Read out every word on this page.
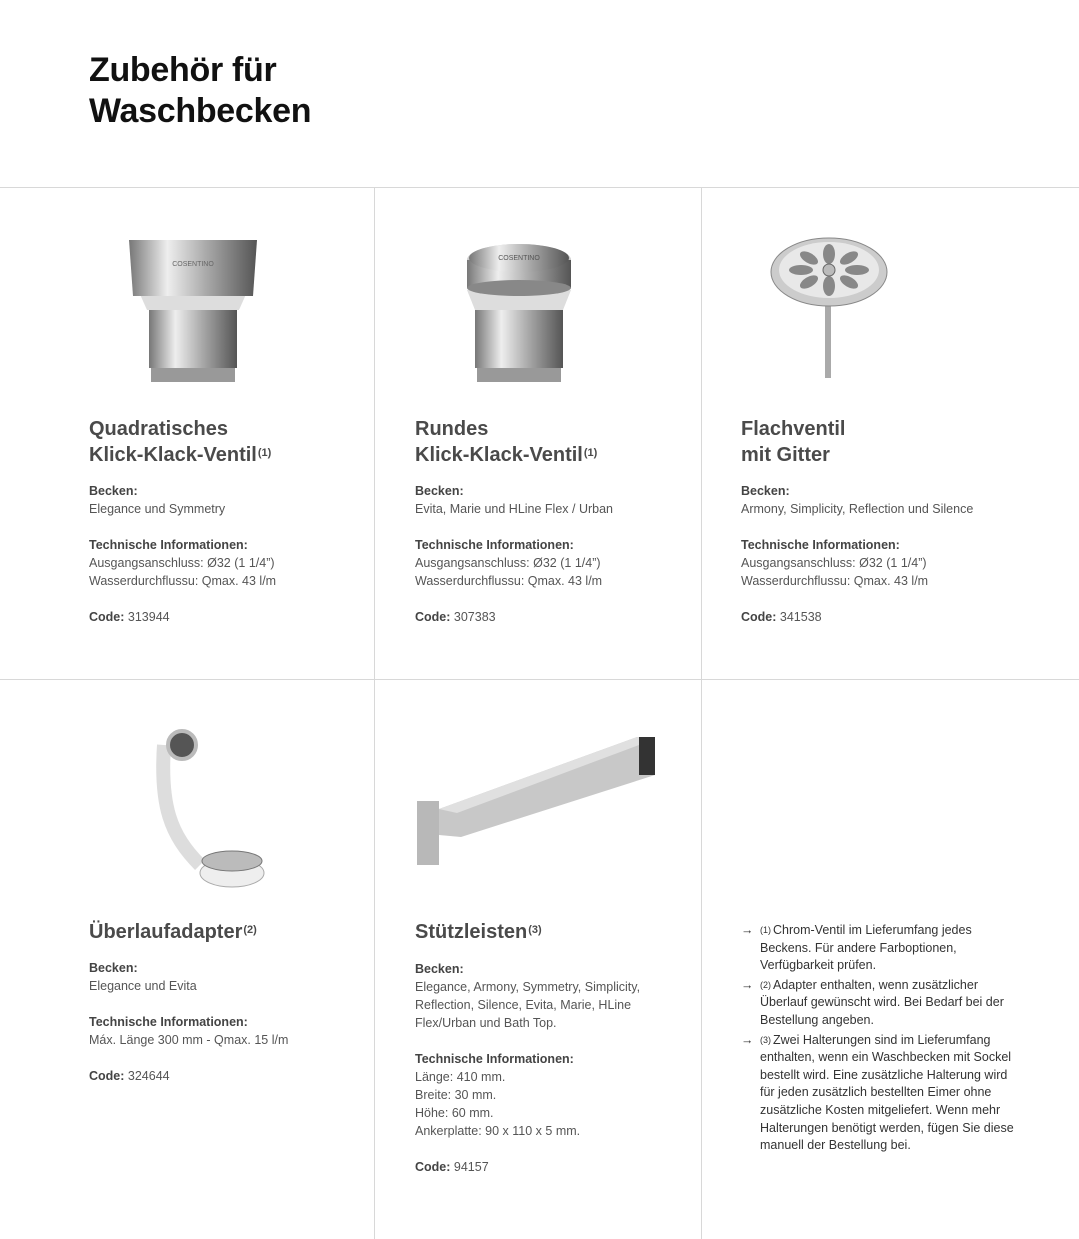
Zubehör für Waschbecken
COSENTINO
Quadratisches
Klick-Klack-Ventil$^{(1)}$
Becken:
Elegance und Symmetry
Technische Informationen:
Ausgangsanschluss: Ø32 (1 1/4”)
Wasserdurchflussu: Qmax. 43 l/m
Code: 313944
COSENTINO
Rundes
Klick-Klack-Ventil$^{(1)}$
Becken:
Evita, Marie und HLine Flex / Urban
Technische Informationen:
Ausgangsanschluss: Ø32 (1 1/4”)
Wasserdurchflussu: Qmax. 43 l/m
Code: 307383
Flachventil
mit Gitter
Becken:
Armony, Simplicity, Reflection und Silence
Technische Informationen:
Ausgangsanschluss: Ø32 (1 1/4”)
Wasserdurchflussu: Qmax. 43 l/m
Code: 341538
Überlaufadapter$^{(2)}$
Becken:
Elegance und Evita
Technische Informationen:
Máx. Länge 300 mm - Qmax. 15 l/m
Code: 324644
Stützleisten$^{(3)}$
Becken:
Elegance, Armony, Symmetry, Simplicity, Reflection, Silence, Evita, Marie, HLine Flex/Urban und Bath Top.
Technische Informationen:
Länge: 410 mm.
Breite: 30 mm.
Höhe: 60 mm.
Ankerplatte: 90 x 110 x 5 mm.
Code: 94157
→ $^{(1)}$ Chrom-Ventil im Lieferumfang jedes Beckens. Für andere Farboptionen, Verfügbarkeit prüfen.
→ $^{(2)}$ Adapter enthalten, wenn zusätzlicher Überlauf gewünscht wird. Bei Bedarf bei der Bestellung angeben.
→ $^{(3)}$ Zwei Halterungen sind im Lieferumfang enthalten, wenn ein Waschbecken mit Sockel bestellt wird. Eine zusätzliche Halterung wird für jeden zusätzlich bestellten Eimer ohne zusätzliche Kosten mitgeliefert. Wenn mehr Halterungen benötigt werden, fügen Sie diese manuell der Bestellung bei.
